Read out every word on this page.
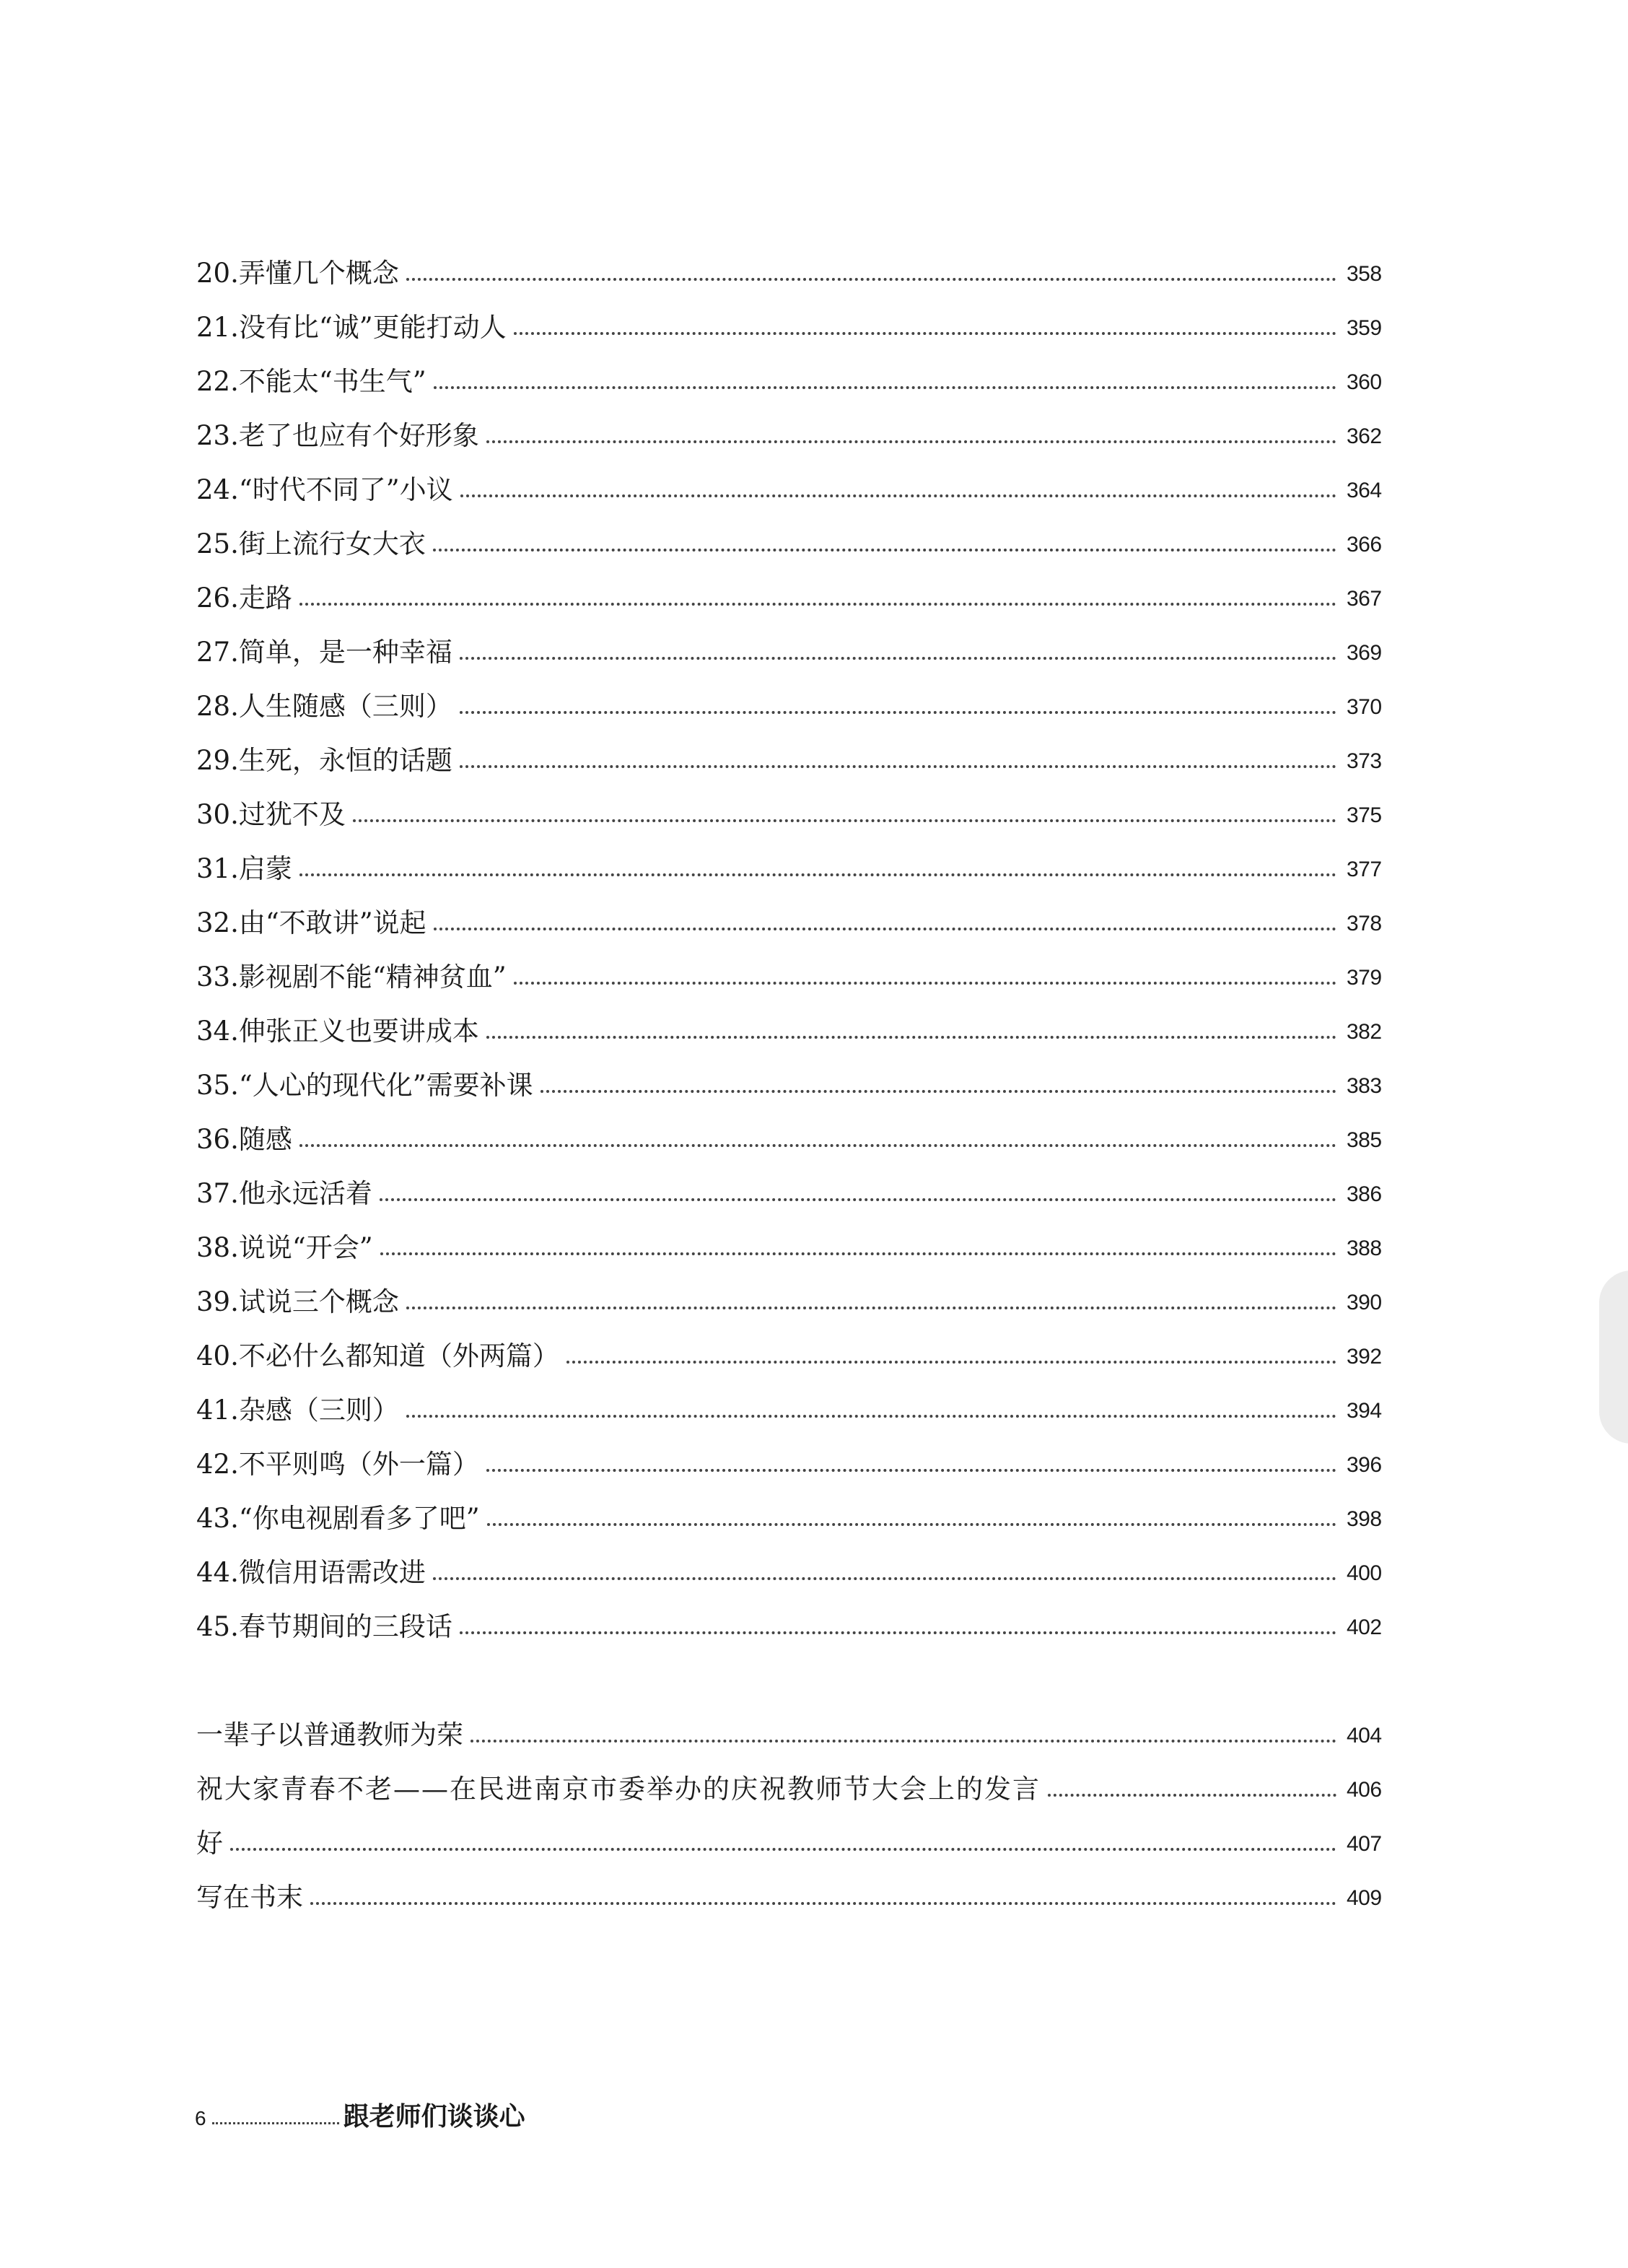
20. 弄懂几个概念	358
21. 没有比“诚”更能打动人	359
22. 不能太“书生气”	360
23. 老了也应有个好形象	362
24. “时代不同了”小议	364
25. 街上流行女大衣	366
26. 走路	367
27. 简单，是一种幸福	369
28. 人生随感（三则）	370
29. 生死，永恒的话题	373
30. 过犹不及	375
31. 启蒙	377
32. 由“不敢讲”说起	378
33. 影视剧不能“精神贫血”	379
34. 伸张正义也要讲成本	382
35. “人心的现代化”需要补课	383
36. 随感	385
37. 他永远活着	386
38. 说说“开会”	388
39. 试说三个概念	390
40. 不必什么都知道（外两篇）	392
41. 杂感（三则）	394
42. 不平则鸣（外一篇）	396
43. “你电视剧看多了吧”	398
44. 微信用语需改进	400
45. 春节期间的三段话	402
一辈子以普通教师为荣	404
祝大家青春不老——在民进南京市委举办的庆祝教师节大会上的发言	406
好	407
写在书末	409
6	跟老师们谈谈心
